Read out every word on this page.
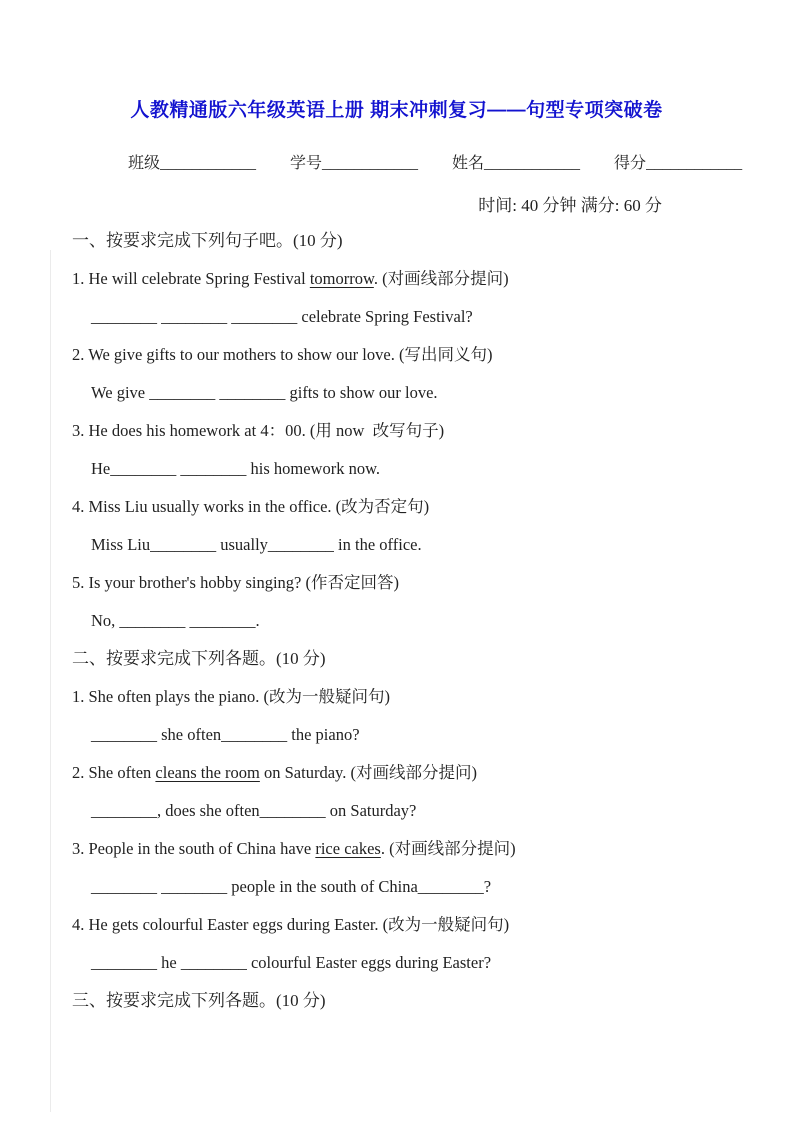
人教精通版六年级英语上册 期末冲刺复习——句型专项突破卷
班级____________ 学号____________ 姓名____________ 得分____________
时间: 40 分钟 满分: 60 分
一、按要求完成下列句子吧。(10 分)
1. He will celebrate Spring Festival tomorrow. (对画线部分提问)
________ ________ ________ celebrate Spring Festival?
2. We give gifts to our mothers to show our love. (写出同义句)
We give ________ ________ gifts to show our love.
3. He does his homework at 4：00. (用 now  改写句子)
He________ ________ his homework now.
4. Miss Liu usually works in the office. (改为否定句)
Miss Liu________ usually________ in the office.
5. Is your brother's hobby singing? (作否定回答)
No, ________ ________.
二、按要求完成下列各题。(10 分)
1. She often plays the piano. (改为一般疑问句)
________ she often________ the piano?
2. She often cleans the room on Saturday. (对画线部分提问)
________, does she often________ on Saturday?
3. People in the south of China have rice cakes. (对画线部分提问)
________ ________ people in the south of China________?
4. He gets colourful Easter eggs during Easter. (改为一般疑问句)
________ he ________ colourful Easter eggs during Easter?
三、按要求完成下列各题。(10 分)
